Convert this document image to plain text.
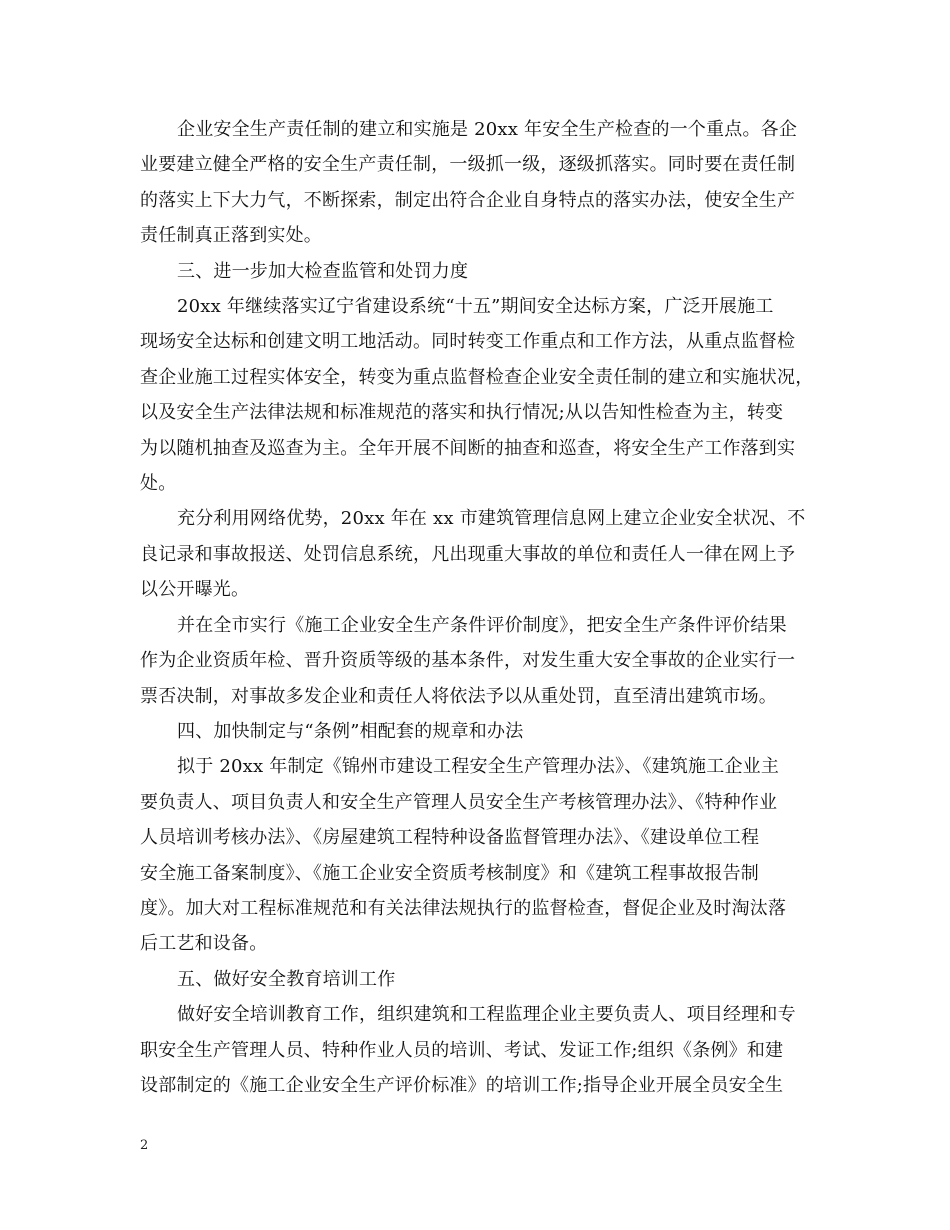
企业安全生产责任制的建立和实施是 20xx 年安全生产检查的一个重点。各企
业要建立健全严格的安全生产责任制，一级抓一级，逐级抓落实。同时要在责任制
的落实上下大力气，不断探索，制定出符合企业自身特点的落实办法，使安全生产
责任制真正落到实处。

三、进一步加大检查监管和处罚力度

20xx 年继续落实辽宁省建设系统“十五”期间安全达标方案，广泛开展施工
现场安全达标和创建文明工地活动。同时转变工作重点和工作方法，从重点监督检
查企业施工过程实体安全，转变为重点监督检查企业安全责任制的建立和实施状况，
以及安全生产法律法规和标准规范的落实和执行情况;从以告知性检查为主，转变
为以随机抽查及巡查为主。全年开展不间断的抽查和巡查，将安全生产工作落到实
处。

充分利用网络优势，20xx 年在 xx 市建筑管理信息网上建立企业安全状况、不
良记录和事故报送、处罚信息系统，凡出现重大事故的单位和责任人一律在网上予
以公开曝光。

并在全市实行《施工企业安全生产条件评价制度》，把安全生产条件评价结果
作为企业资质年检、晋升资质等级的基本条件，对发生重大安全事故的企业实行一
票否决制，对事故多发企业和责任人将依法予以从重处罚，直至清出建筑市场。

四、加快制定与“条例”相配套的规章和办法

拟于 20xx 年制定《锦州市建设工程安全生产管理办法》、《建筑施工企业主
要负责人、项目负责人和安全生产管理人员安全生产考核管理办法》、《特种作业
人员培训考核办法》、《房屋建筑工程特种设备监督管理办法》、《建设单位工程
安全施工备案制度》、《施工企业安全资质考核制度》和《建筑工程事故报告制
度》。加大对工程标准规范和有关法律法规执行的监督检查，督促企业及时淘汰落
后工艺和设备。

五、做好安全教育培训工作

做好安全培训教育工作，组织建筑和工程监理企业主要负责人、项目经理和专
职安全生产管理人员、特种作业人员的培训、考试、发证工作;组织《条例》和建
设部制定的《施工企业安全生产评价标准》的培训工作;指导企业开展全员安全生

2
